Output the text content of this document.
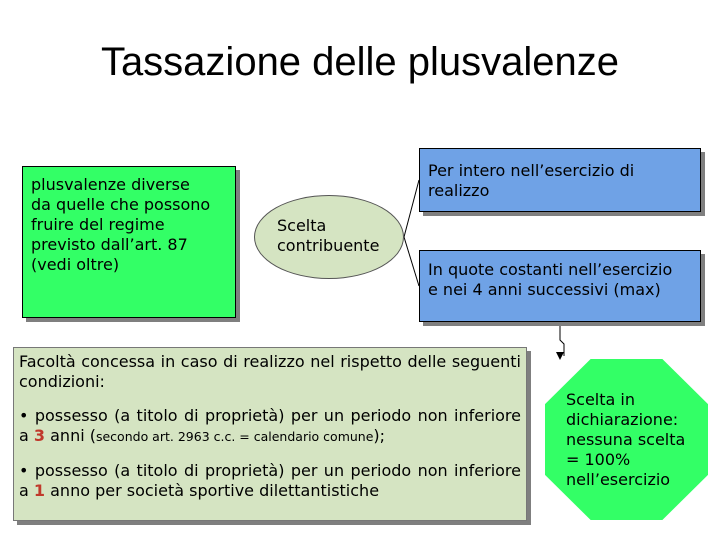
Tassazione delle plusvalenze
plusvalenze diverse
da quelle che possono
fruire del regime
previsto dall’art. 87
(vedi oltre)
Scelta
contribuente
Per intero nell’esercizio di
realizzo
In quote costanti nell’esercizio
e nei 4 anni successivi (max)

Facoltà concessa in caso di realizzo nel rispetto delle seguenti condizioni:

• possesso (a titolo di proprietà) per un periodo non inferiore a 3 anni (secondo art. 2963 c.c. = calendario comune);

• possesso (a titolo di proprietà) per un periodo non inferiore a 1 anno per società sportive dilettantistiche

Scelta in
dichiarazione:
nessuna scelta
= 100%
nell’esercizio
